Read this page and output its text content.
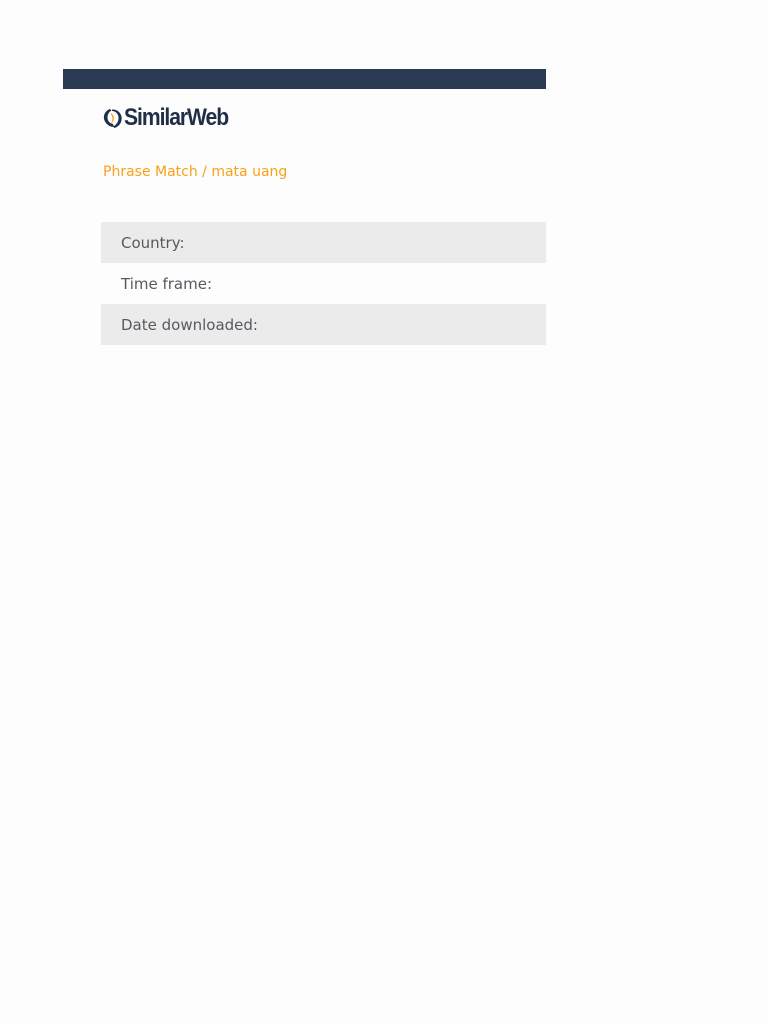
SimilarWeb
Phrase Match / mata uang
Country:
Time frame:
Date downloaded:
